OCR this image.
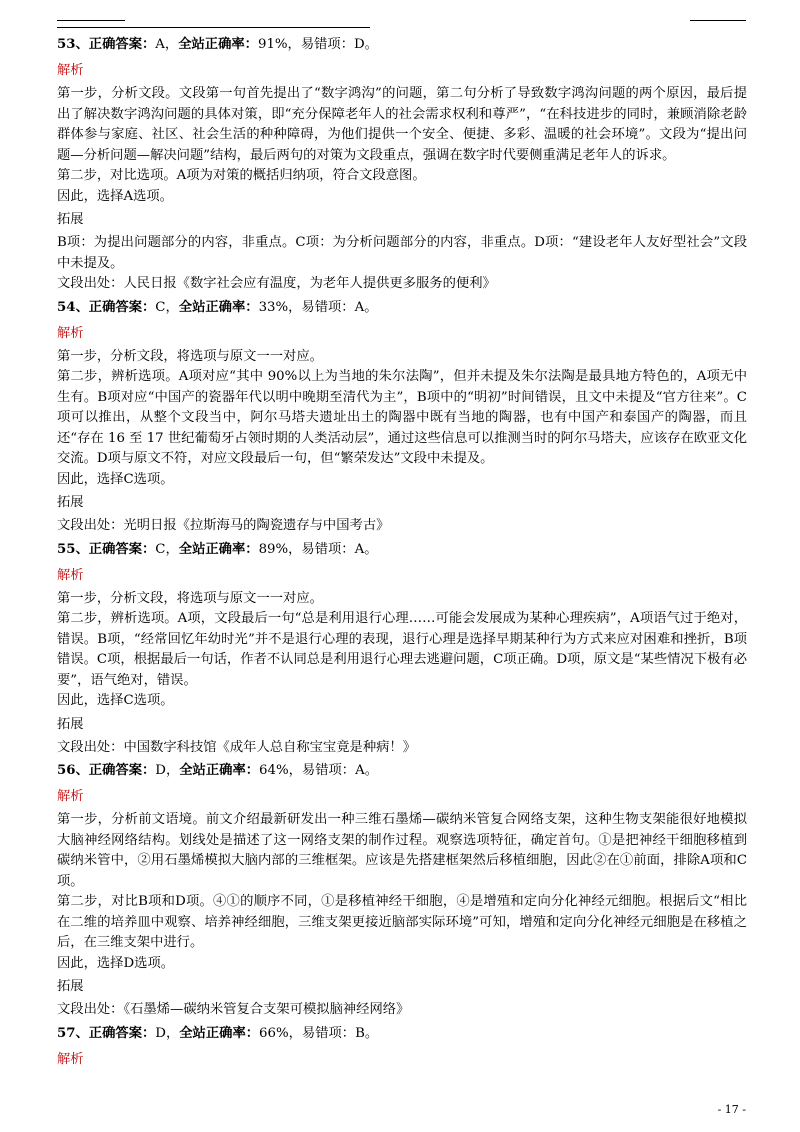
53、正确答案：A，全站正确率：91%，易错项：D。
解析

第一步，分析文段。文段第一句首先提出了“数字鸿沟”的问题，第二句分析了导致数字鸿沟问题的两个原因，最后提出了解决数字鸿沟问题的具体对策，即“充分保障老年人的社会需求权利和尊严”，“在科技进步的同时，兼顾消除老龄群体参与家庭、社区、社会生活的种种障碍，为他们提供一个安全、便捷、多彩、温暖的社会环境”。文段为“提出问题—分析问题—解决问题”结构，最后两句的对策为文段重点，强调在数字时代要侧重满足老年人的诉求。

第二步，对比选项。A项为对策的概括归纳项，符合文段意图。

因此，选择A选项。

拓展

B项：为提出问题部分的内容，非重点。C项：为分析问题部分的内容，非重点。D项：“建设老年人友好型社会”文段中未提及。

文段出处：人民日报《数字社会应有温度，为老年人提供更多服务的便利》

54、正确答案：C，全站正确率：33%，易错项：A。
解析

第一步，分析文段，将选项与原文一一对应。

第二步，辨析选项。A项对应“其中 90%以上为当地的朱尔法陶”，但并未提及朱尔法陶是最具地方特色的，A项无中生有。B项对应“中国产的瓷器年代以明中晚期至清代为主”，B项中的“明初”时间错误，且文中未提及“官方往来”。C项可以推出，从整个文段当中，阿尔马塔夫遗址出土的陶器中既有当地的陶器，也有中国产和泰国产的陶器，而且还“存在 16 至 17 世纪葡萄牙占领时期的人类活动层”，通过这些信息可以推测当时的阿尔马塔夫，应该存在欧亚文化交流。D项与原文不符，对应文段最后一句，但“繁荣发达”文段中未提及。

因此，选择C选项。

拓展

文段出处：光明日报《拉斯海马的陶瓷遗存与中国考古》

55、正确答案：C，全站正确率：89%，易错项：A。
解析

第一步，分析文段，将选项与原文一一对应。

第二步，辨析选项。A项，文段最后一句“总是利用退行心理……可能会发展成为某种心理疾病”，A项语气过于绝对，错误。B项，“经常回忆年幼时光”并不是退行心理的表现，退行心理是选择早期某种行为方式来应对困难和挫折，B项错误。C项，根据最后一句话，作者不认同总是利用退行心理去逃避问题，C项正确。D项，原文是“某些情况下极有必要”，语气绝对，错误。

因此，选择C选项。

拓展

文段出处：中国数字科技馆《成年人总自称宝宝竟是种病！》

56、正确答案：D，全站正确率：64%，易错项：A。
解析

第一步，分析前文语境。前文介绍最新研发出一种三维石墨烯—碳纳米管复合网络支架，这种生物支架能很好地模拟大脑神经网络结构。划线处是描述了这一网络支架的制作过程。观察选项特征，确定首句。①是把神经干细胞移植到碳纳米管中，②用石墨烯模拟大脑内部的三维框架。应该是先搭建框架然后移植细胞，因此②在①前面，排除A项和C项。

第二步，对比B项和D项。④①的顺序不同，①是移植神经干细胞，④是增殖和定向分化神经元细胞。根据后文“相比在二维的培养皿中观察、培养神经细胞，三维支架更接近脑部实际环境”可知，增殖和定向分化神经元细胞是在移植之后，在三维支架中进行。

因此，选择D选项。

拓展

文段出处：《石墨烯—碳纳米管复合支架可模拟脑神经网络》

57、正确答案：D，全站正确率：66%，易错项：B。
解析
- 17 -
